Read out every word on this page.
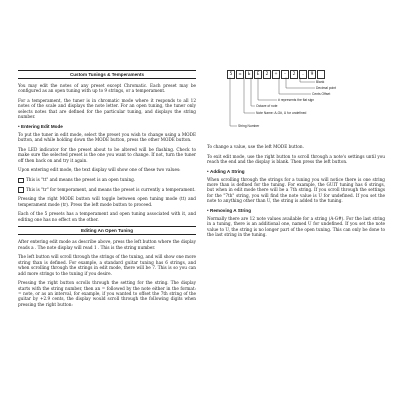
Custom Tunings & Temperaments

You may edit the notes of any preset except Chromatic. Each preset may be configured as an open tuning with up to 9 strings, or a temperament.

For a temperament, the tuner is in chromatic mode where it responds to all 12 notes of the scale and displays the note letter. For an open tuning, the tuner only selects notes that are defined for the particular tuning, and displays the string number.

•Entering Edit Mode

To put the tuner in edit mode, select the preset you wish to change using a MODE button, and while holding down the MODE button, press the other MODE button.

The LED indicator for the preset about to be altered will be flashing. Check to make sure the selected preset is the one you want to change. If not, turn the tuner off then back on and try it again.

Upon entering edit mode, the text display will show one of these two values:

This is "tt" and means the preset is an open tuning.
This is "tr" for temperament, and means the preset is currently a temperament.

Pressing the right MODE button will toggle between open tuning mode (tt) and temperament mode (tr). Press the left mode button to proceed.

Each of the 5 presets has a temperament and open tuning associated with it, and editing one has no effect on the other.

Editing An Open Tuning

After entering edit mode as describe above, press the left button where the display reads a . The note display will read 1 . This is the string number.

The left button will scroll through the strings of the tuning, and will show one more string than is defined. For example, a standard guitar tuning has 6 strings, and when scrolling through the strings in edit mode, there will be 7. This is so you can add more strings to the tuning if you desire.

Pressing the right button scrolls through the setting for the string. The display starts with the string number, then an = followed by the note either in the format: = note, or as an interval, for example, if you wanted to offset the 7th string of the guitar by +2.9 cents, the display would scroll through the following digits when pressing the right button:

5	=	Ь	E	2	+	-	2	.	9
Blank
Decimal point
Cents Offset
# represents the flat sign
Octave of note
Note Name: A-G#, U for undefined
String Number

To change a value, use the left MODE button.

To exit edit mode, use the right button to scroll through a note's settings until you reach the end and the display is blank. Then press the left button.

•Adding A String

When scrolling through the strings for a tuning you will notice there is one string more than is defined for the tuning. For example, the GUIT tuning has 6 strings, but when in edit mode there will be a 7th string. If you scroll through the settings for the "7th" string, you will find the note value is U for undefined. If you set the note to anything other than U, the string is added to the tuning.

•Removing A String

Normally there are 12 note values available for a string (A-G#). For the last string in a tuning, there is an additional one, named U for undefined. If you set the note value to U, the string is no longer part of the open tuning. This can only be done to the last string in the tuning.
